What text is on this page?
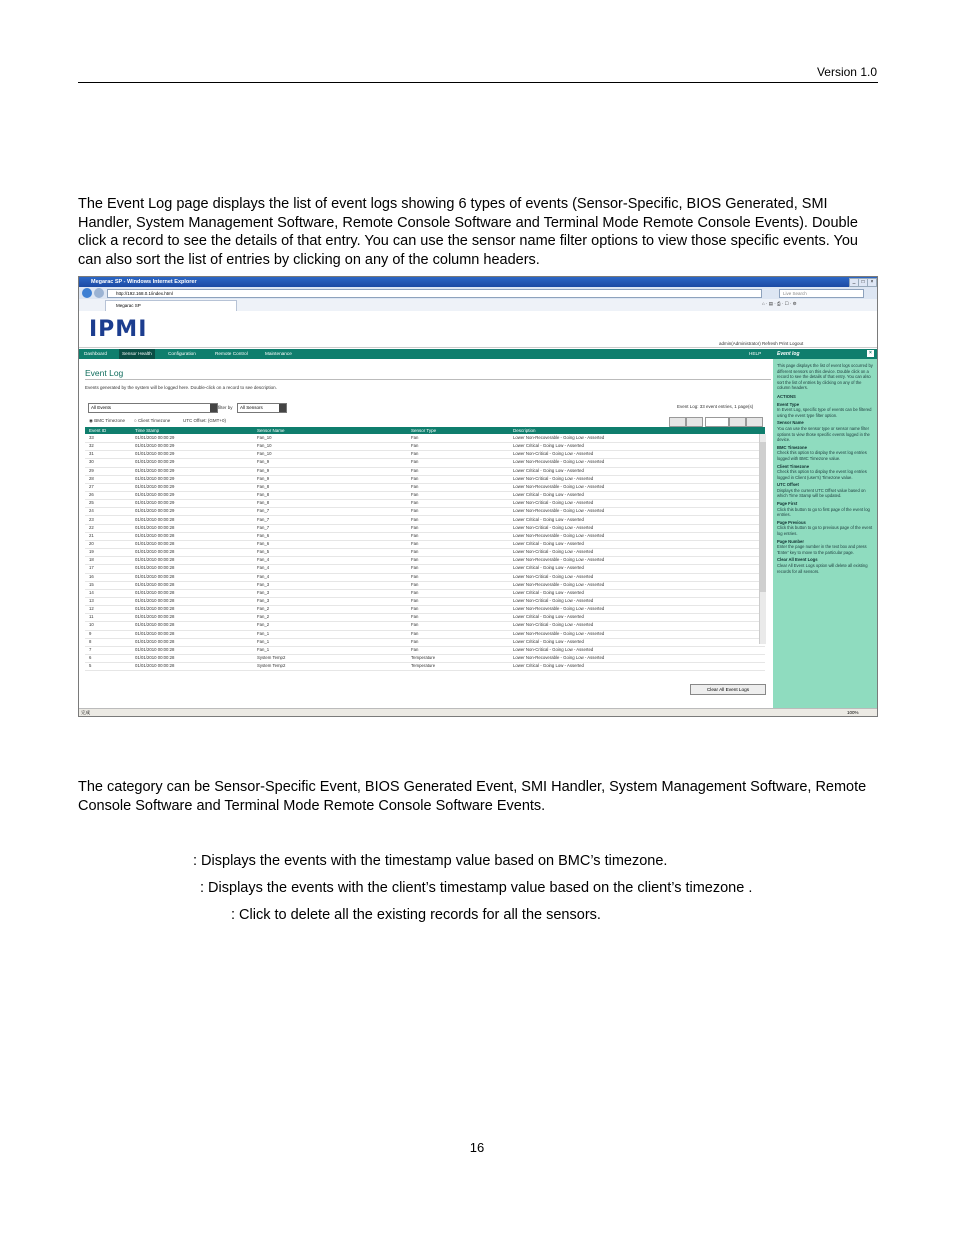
Version 1.0
The Event Log page displays the list of event logs showing 6 types of events (Sensor-Specific, BIOS Generated, SMI Handler, System Management Software, Remote Console Software and Terminal Mode Remote Console Events). Double click a record to see the details of that entry. You can use the sensor name filter options to view those specific events. You can also sort the list of entries by clicking on any of the column headers.
Megarac SP - Windows Internet Explorer	_	□	×
http://192.168.0.1/index.html	Live Search
Megarac SP	⌂ · ▤ · ⎙ · ☐ · ⚙
IPMI
admin(Administrator) Refresh Print Logout
Dashboard	Sensor Health	Configuration	Remote Control	Maintenance	HELP
Event Log
Events generated by the system will be logged here. Double-click on a record to see description.
All Events	filter by	All Sensors
◉ BMC Timezone ○ Client Timezone	UTC Offset: (GMT+0)
Event Log: 33 event entries, 1 page(s)
Event ID	Time Stamp	Sensor Name	Sensor Type	Description
33	01/01/2010 00:00:29	Fan_10	Fan	Lower Non-Recoverable - Going Low - Asserted
32	01/01/2010 00:00:29	Fan_10	Fan	Lower Critical - Going Low - Asserted
31	01/01/2010 00:00:29	Fan_10	Fan	Lower Non-Critical - Going Low - Asserted
30	01/01/2010 00:00:29	Fan_9	Fan	Lower Non-Recoverable - Going Low - Asserted
29	01/01/2010 00:00:29	Fan_9	Fan	Lower Critical - Going Low - Asserted
28	01/01/2010 00:00:29	Fan_9	Fan	Lower Non-Critical - Going Low - Asserted
27	01/01/2010 00:00:29	Fan_8	Fan	Lower Non-Recoverable - Going Low - Asserted
26	01/01/2010 00:00:29	Fan_8	Fan	Lower Critical - Going Low - Asserted
25	01/01/2010 00:00:29	Fan_8	Fan	Lower Non-Critical - Going Low - Asserted
24	01/01/2010 00:00:29	Fan_7	Fan	Lower Non-Recoverable - Going Low - Asserted
23	01/01/2010 00:00:28	Fan_7	Fan	Lower Critical - Going Low - Asserted
22	01/01/2010 00:00:28	Fan_7	Fan	Lower Non-Critical - Going Low - Asserted
21	01/01/2010 00:00:28	Fan_6	Fan	Lower Non-Recoverable - Going Low - Asserted
20	01/01/2010 00:00:28	Fan_6	Fan	Lower Critical - Going Low - Asserted
19	01/01/2010 00:00:28	Fan_5	Fan	Lower Non-Critical - Going Low - Asserted
18	01/01/2010 00:00:28	Fan_4	Fan	Lower Non-Recoverable - Going Low - Asserted
17	01/01/2010 00:00:28	Fan_4	Fan	Lower Critical - Going Low - Asserted
16	01/01/2010 00:00:28	Fan_4	Fan	Lower Non-Critical - Going Low - Asserted
15	01/01/2010 00:00:28	Fan_3	Fan	Lower Non-Recoverable - Going Low - Asserted
14	01/01/2010 00:00:28	Fan_3	Fan	Lower Critical - Going Low - Asserted
13	01/01/2010 00:00:28	Fan_3	Fan	Lower Non-Critical - Going Low - Asserted
12	01/01/2010 00:00:28	Fan_2	Fan	Lower Non-Recoverable - Going Low - Asserted
11	01/01/2010 00:00:28	Fan_2	Fan	Lower Critical - Going Low - Asserted
10	01/01/2010 00:00:28	Fan_2	Fan	Lower Non-Critical - Going Low - Asserted
9	01/01/2010 00:00:28	Fan_1	Fan	Lower Non-Recoverable - Going Low - Asserted
8	01/01/2010 00:00:28	Fan_1	Fan	Lower Critical - Going Low - Asserted
7	01/01/2010 00:00:28	Fan_1	Fan	Lower Non-Critical - Going Low - Asserted
6	01/01/2010 00:00:28	System Temp2	Temperature	Lower Non-Recoverable - Going Low - Asserted
5	01/01/2010 00:00:28	System Temp2	Temperature	Lower Critical - Going Low - Asserted
Clear All Event Logs
Event log	×
This page displays the list of event logs occurred by different sensors on this device. Double click on a record to see the details of that entry. You can also sort the list of entries by clicking on any of the column headers.
ACTIONS
Event Type
In Event Log, specific type of events can be filtered using the event type filter option.
Sensor Name
You can use the sensor type or sensor name filter options to view those specific events logged in the device.
BMC Timezone
Check this option to display the event log entries logged with BMC Timezone value.
Client Timezone
Check this option to display the event log entries logged in Client (user's) Timezone value.
UTC Offset
Displays the current UTC Offset value based on which Time Stamp will be updated.
Page First
Click this button to go to first page of the event log entries.
Page Previous
Click this button to go to previous page of the event log entries.
Page Number
Enter the page number in the text box and press 'Enter' key to move to the particular page.
Clear All Event Logs
Clear All Event Logs option will delete all existing records for all sensors.
完成	100%
The category can be Sensor-Specific Event, BIOS Generated Event, SMI Handler, System Management Software, Remote Console Software and Terminal Mode Remote Console Software Events.
: Displays the events with the timestamp value based on BMC’s timezone.
: Displays the events with the client’s timestamp value based on the client’s timezone .
: Click to delete all the existing records for all the sensors.
16
